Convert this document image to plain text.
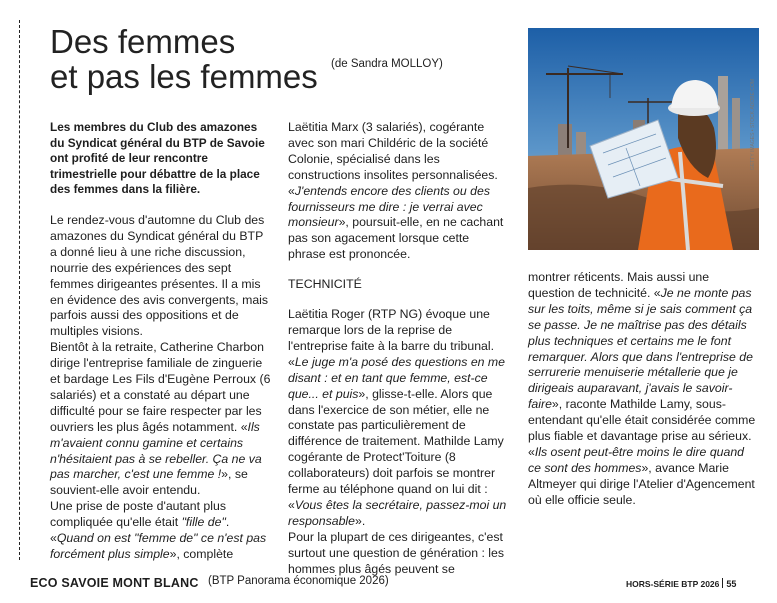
Des femmes
et pas les femmes (de Sandra MOLLOY)
GETTY IMAGES • STOCK.ADOBE.COM

Les membres du Club des amazones du Syndicat général du BTP de Savoie ont profité de leur rencontre trimestrielle pour débattre de la place des femmes dans la filière.

Le rendez-vous d'automne du Club des amazones du Syndicat général du BTP a donné lieu à une riche discussion, nourrie des expériences des sept femmes dirigeantes présentes. Il a mis en évidence des avis convergents, mais parfois aussi des oppositions et de multiples visions.

Bientôt à la retraite, Catherine Charbon dirige l'entreprise familiale de zinguerie et bardage Les Fils d'Eugène Perroux (6 salariés) et a constaté au départ une difficulté pour se faire respecter par les ouvriers les plus âgés notamment. «Ils m'avaient connu gamine et certains n'hésitaient pas à se rebeller. Ça ne va pas marcher, c'est une femme !», se souvient-elle avoir entendu.

Une prise de poste d'autant plus compliquée qu'elle était "fille de". «Quand on est "femme de" ce n'est pas forcément plus simple», complète

Laëtitia Marx (3 salariés), cogérante avec son mari Childéric de la société Colonie, spécialisé dans les constructions insolites personnalisées. «J'entends encore des clients ou des fournisseurs me dire : je verrai avec monsieur», poursuit-elle, en ne cachant pas son agacement lorsque cette phrase est prononcée.

TECHNICITÉ

Laëtitia Roger (RTP NG) évoque une remarque lors de la reprise de l'entreprise faite à la barre du tribunal. «Le juge m'a posé des questions en me disant : et en tant que femme, est-ce que... et puis», glisse-t-elle. Alors que dans l'exercice de son métier, elle ne constate pas particulièrement de différence de traitement. Mathilde Lamy cogérante de Protect'Toiture (8 collaborateurs) doit parfois se montrer ferme au téléphone quand on lui dit : «Vous êtes la secrétaire, passez-moi un responsable».

Pour la plupart de ces dirigeantes, c'est surtout une question de génération : les hommes plus âgés peuvent se

montrer réticents. Mais aussi une question de technicité. «Je ne monte pas sur les toits, même si je sais comment ça se passe. Je ne maîtrise pas des détails plus techniques et certains me le font remarquer. Alors que dans l'entreprise de serrurerie menuiserie métallerie que je dirigeais auparavant, j'avais le savoir-faire», raconte Mathilde Lamy, sous-entendant qu'elle était considérée comme plus fiable et davantage prise au sérieux.

«Ils osent peut-être moins le dire quand ce sont des hommes», avance Marie Altmeyer qui dirige l'Atelier d'Agencement où elle officie seule.

ECO SAVOIE MONT BLANC (BTP Panorama économique 2026)	HORS-SÉRIE BTP 2026 55
